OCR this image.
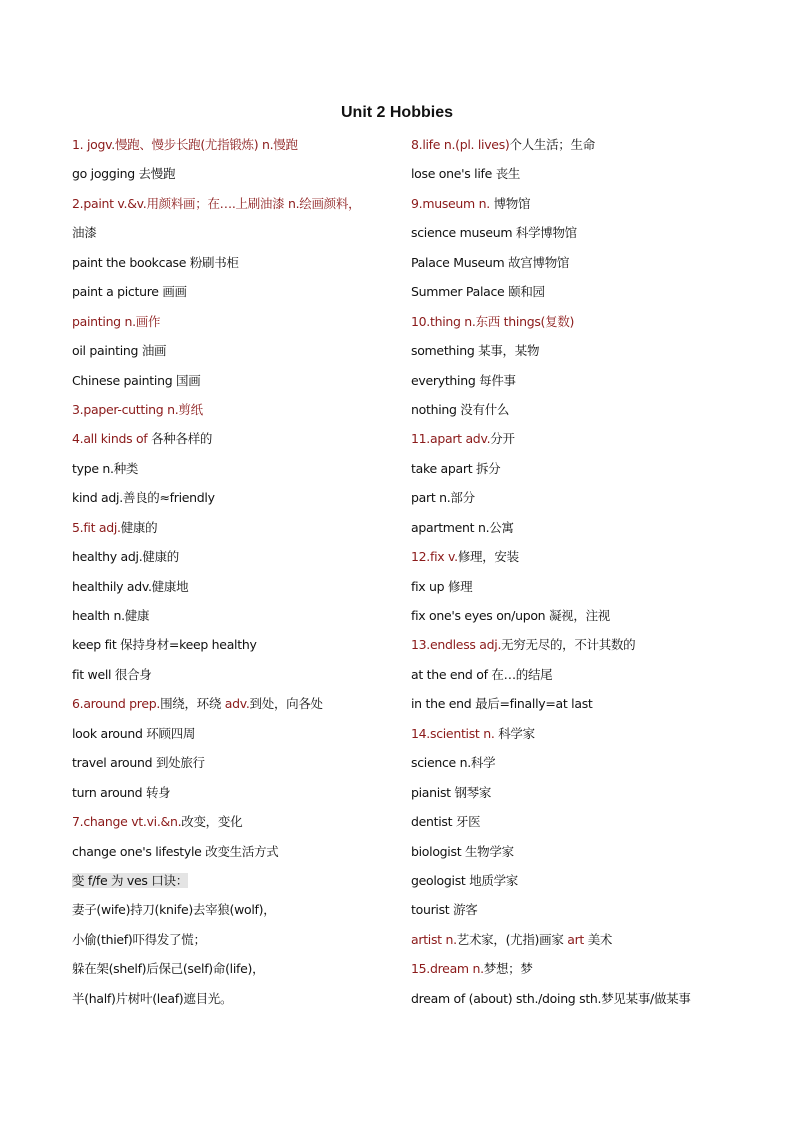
Unit 2 Hobbies
1. jogv.慢跑、慢步长跑(尤指锻炼) n.慢跑
go jogging 去慢跑
2.paint v.&v.用颜料画；在….上刷油漆 n.绘画颜料，
油漆
paint the bookcase 粉刷书柜
paint a picture 画画
painting n.画作
oil painting 油画
Chinese painting 国画
3.paper-cutting n.剪纸
4.all kinds of 各种各样的
type n.种类
kind adj.善良的≈friendly
5.fit adj.健康的
healthy adj.健康的
healthily adv.健康地
health n.健康
keep fit 保持身材=keep healthy
fit well 很合身
6.around prep.围绕，环绕 adv.到处，向各处
look around 环顾四周
travel around 到处旅行
turn around 转身
7.change vt.vi.&n.改变，变化
change one's lifestyle 改变生活方式
变 f/fe 为 ves 口诀：
妻子(wife)持刀(knife)去宰狼(wolf)，
小偷(thief)吓得发了慌；
躲在架(shelf)后保己(self)命(life)，
半(half)片树叶(leaf)遮目光。
8.life n.(pl. lives)个人生活；生命
lose one's life 丧生
9.museum n. 博物馆
science museum 科学博物馆
Palace Museum 故宫博物馆
Summer Palace 颐和园
10.thing n.东西 things(复数)
something 某事，某物
everything 每件事
nothing 没有什么
11.apart adv.分开
take apart 拆分
part n.部分
apartment n.公寓
12.fix v.修理，安装
fix up 修理
fix one's eyes on/upon 凝视，注视
13.endless adj.无穷无尽的，不计其数的
at the end of 在…的结尾
in the end 最后=finally=at last
14.scientist n. 科学家
science n.科学
pianist 钢琴家
dentist 牙医
biologist 生物学家
geologist 地质学家
tourist 游客
artist n.艺术家，(尤指)画家 art 美术
15.dream n.梦想；梦
dream of (about) sth./doing sth.梦见某事/做某事
